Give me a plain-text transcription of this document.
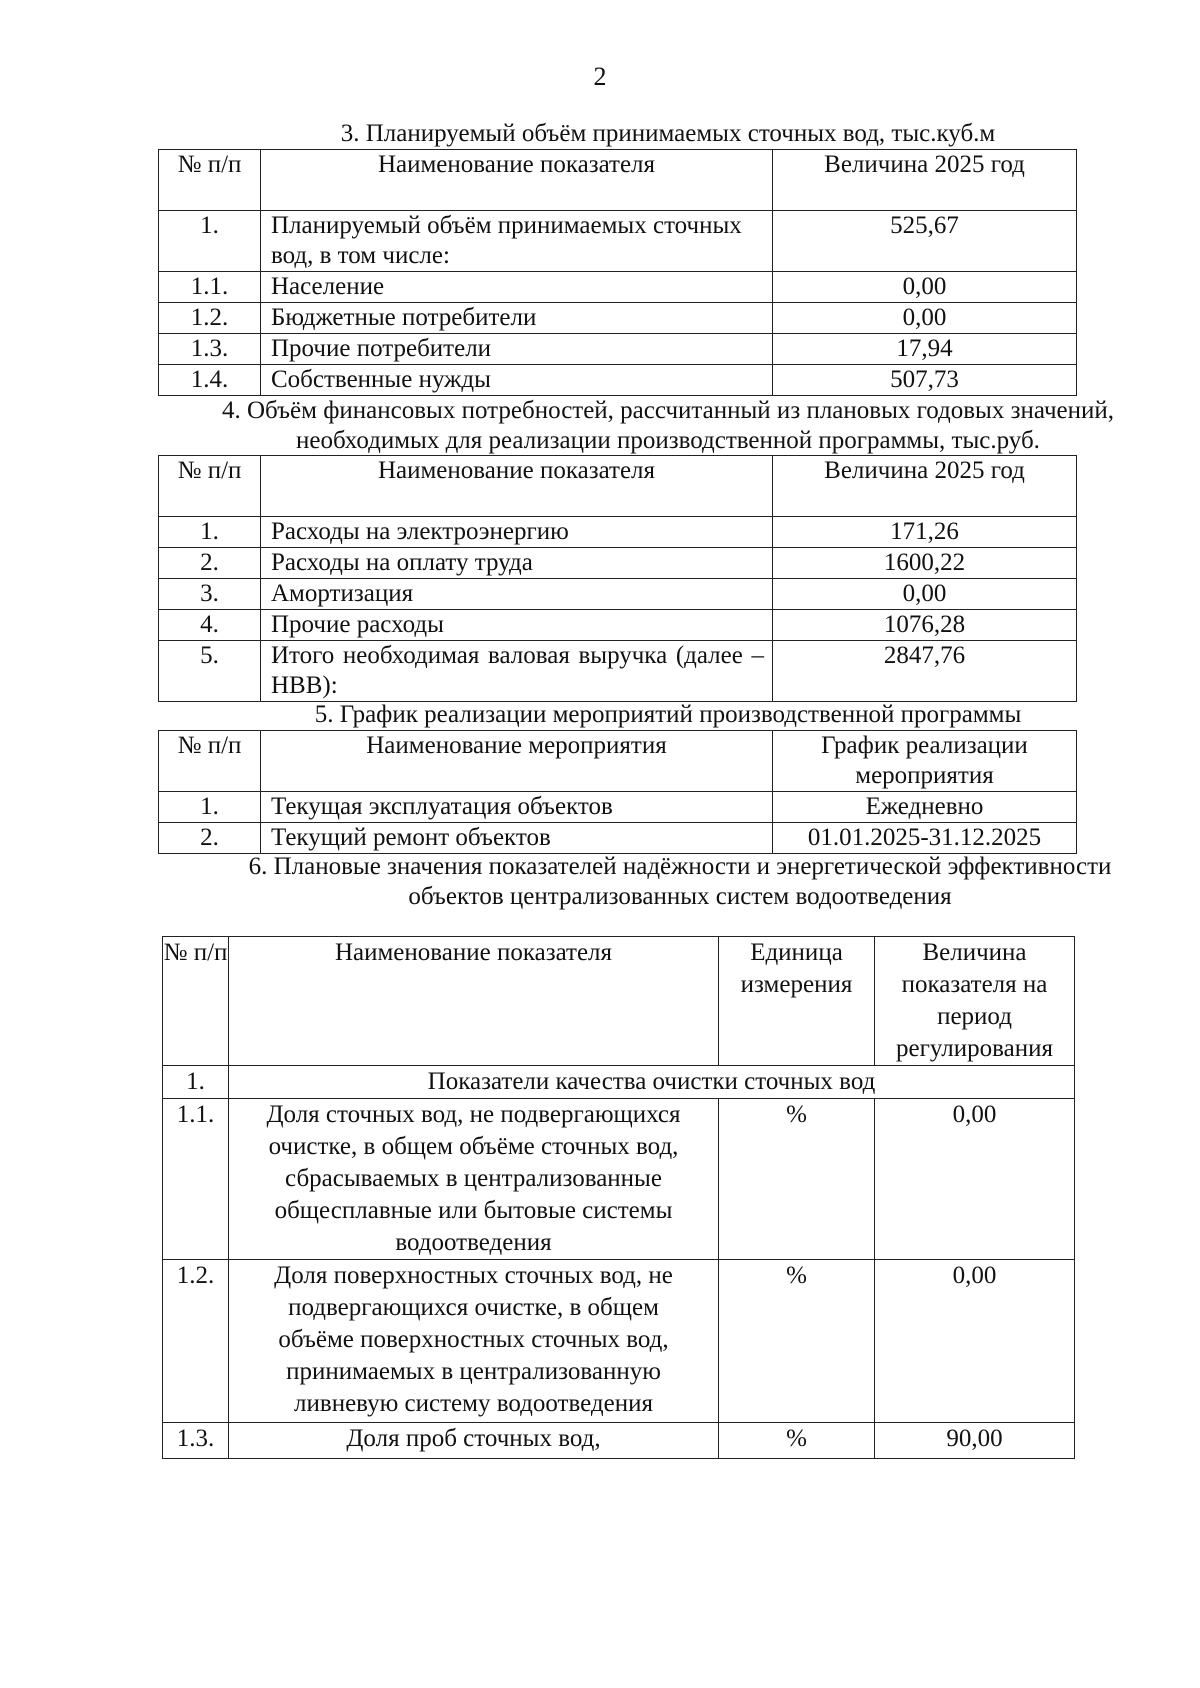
2
3. Планируемый объём принимаемых сточных вод, тыс.куб.м
№ п/п	Наименование показателя	Величина 2025 год
1.	Планируемый объём принимаемых сточных вод, в том числе:	525,67
1.1.	Население	0,00
1.2.	Бюджетные потребители	0,00
1.3.	Прочие потребители	17,94
1.4.	Собственные нужды	507,73
4. Объём финансовых потребностей, рассчитанный из плановых годовых значений, необходимых для реализации производственной программы, тыс.руб.
№ п/п	Наименование показателя	Величина 2025 год
1.	Расходы на электроэнергию	171,26
2.	Расходы на оплату труда	1600,22
3.	Амортизация	0,00
4.	Прочие расходы	1076,28
5.	Итого необходимая валовая выручка (далее – НВВ):	2847,76
5. График реализации мероприятий производственной программы
№ п/п	Наименование мероприятия	График реализации мероприятия
1.	Текущая эксплуатация объектов	Ежедневно
2.	Текущий ремонт объектов	01.01.2025-31.12.2025
6. Плановые значения показателей надёжности и энергетической эффективности объектов централизованных систем водоотведения
№ п/п	Наименование показателя	Единица измерения	Величина показателя на период регулирования
1.	Показатели качества очистки сточных вод		
1.1.	Доля сточных вод, не подвергающихся очистке, в общем объёме сточных вод, сбрасываемых в централизованные общесплавные или бытовые системы водоотведения	%	0,00
1.2.	Доля поверхностных сточных вод, не подвергающихся очистке, в общем объёме поверхностных сточных вод, принимаемых в централизованную ливневую систему водоотведения	%	0,00
1.3.	Доля проб сточных вод,	%	90,00
